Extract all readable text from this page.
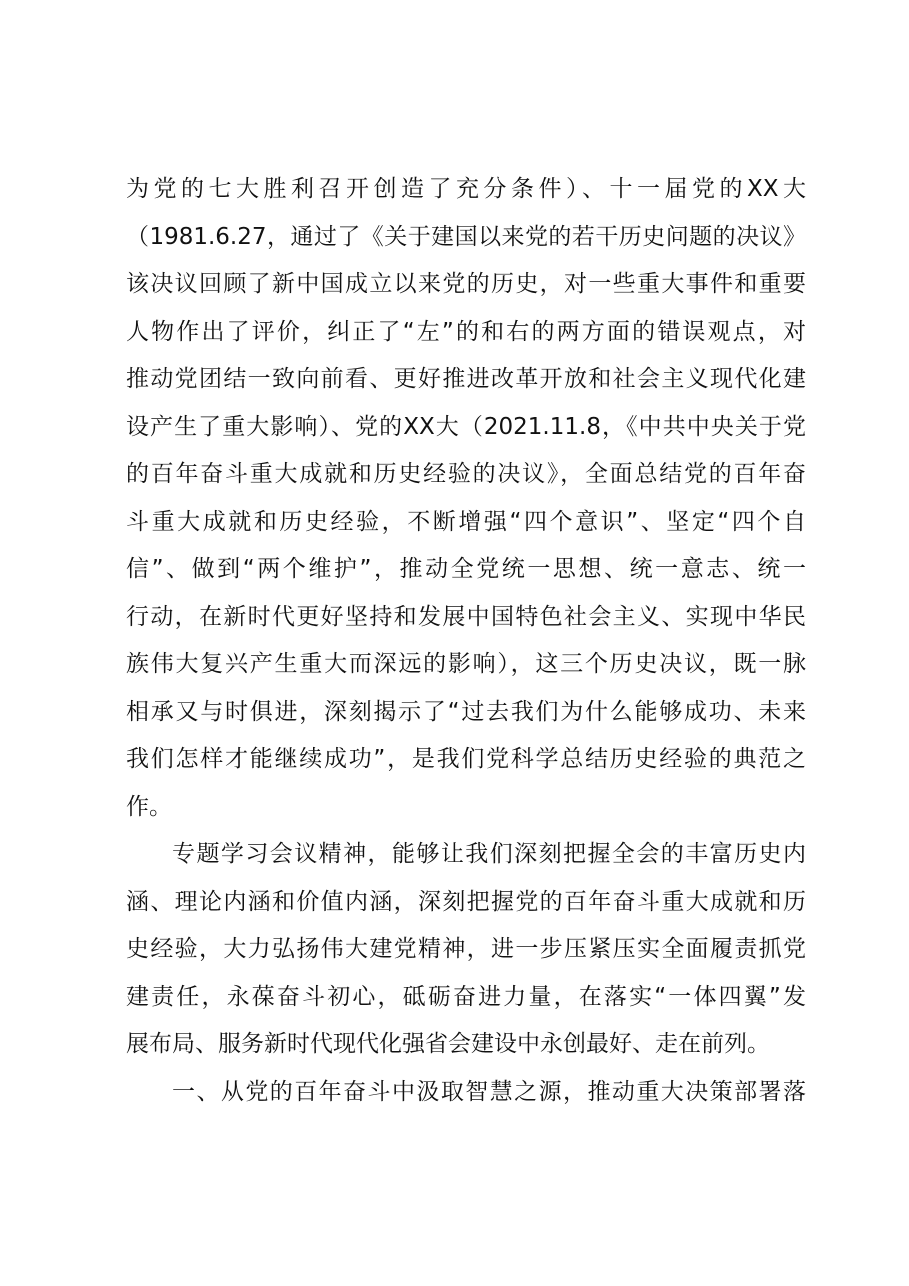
为党的七大胜利召开创造了充分条件）、十一届党的XX大
（1981.6.27，通过了《关于建国以来党的若干历史问题的决议》
该决议回顾了新中国成立以来党的历史，对一些重大事件和重要
人物作出了评价，纠正了“左”的和右的两方面的错误观点，对
推动党团结一致向前看、更好推进改革开放和社会主义现代化建
设产生了重大影响）、党的XX大（2021.11.8，《中共中央关于党
的百年奋斗重大成就和历史经验的决议》，全面总结党的百年奋
斗重大成就和历史经验，不断增强“四个意识”、坚定“四个自
信”、做到“两个维护”，推动全党统一思想、统一意志、统一
行动，在新时代更好坚持和发展中国特色社会主义、实现中华民
族伟大复兴产生重大而深远的影响），这三个历史决议，既一脉
相承又与时俱进，深刻揭示了“过去我们为什么能够成功、未来
我们怎样才能继续成功”，是我们党科学总结历史经验的典范之
作。
专题学习会议精神，能够让我们深刻把握全会的丰富历史内
涵、理论内涵和价值内涵，深刻把握党的百年奋斗重大成就和历
史经验，大力弘扬伟大建党精神，进一步压紧压实全面履责抓党
建责任，永葆奋斗初心，砥砺奋进力量，在落实“一体四翼”发
展布局、服务新时代现代化强省会建设中永创最好、走在前列。
一、从党的百年奋斗中汲取智慧之源，推动重大决策部署落
